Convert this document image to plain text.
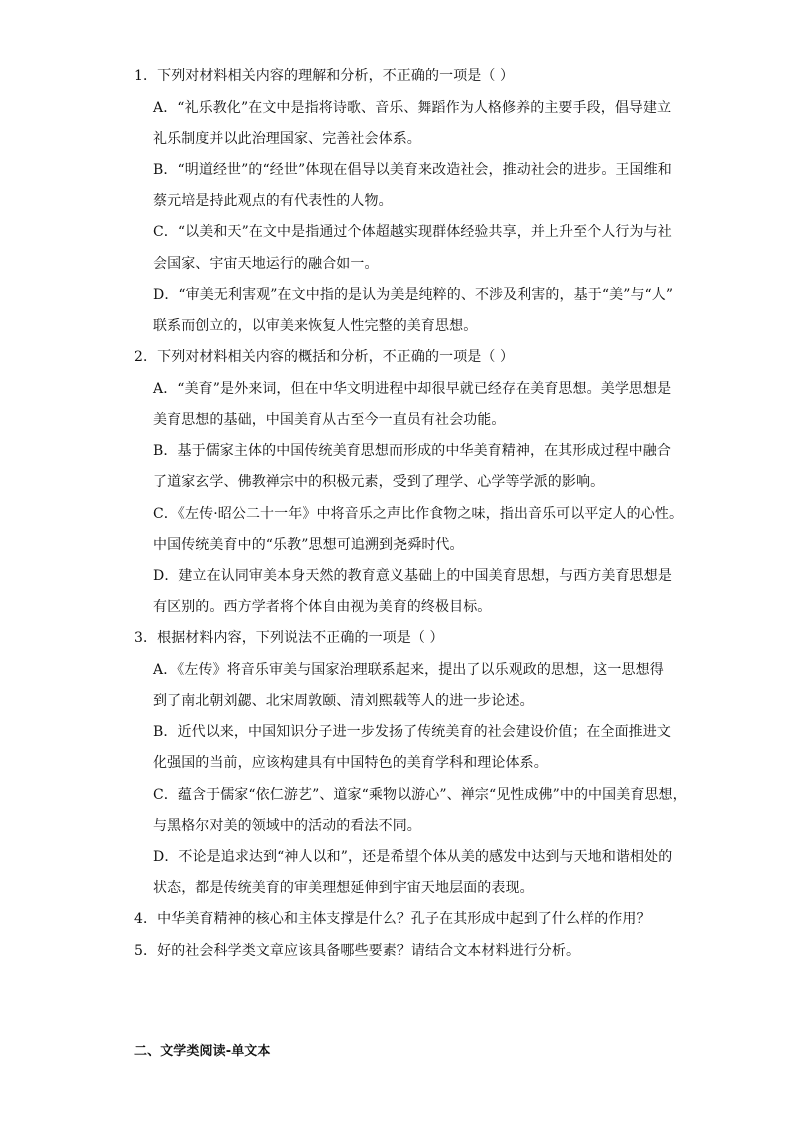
1．下列对材料相关内容的理解和分析，不正确的一项是（ ）
A．“礼乐教化”在文中是指将诗歌、音乐、舞蹈作为人格修养的主要手段，倡导建立
礼乐制度并以此治理国家、完善社会体系。
B．“明道经世”的“经世”体现在倡导以美育来改造社会，推动社会的进步。王国维和
蔡元培是持此观点的有代表性的人物。
C．“以美和天”在文中是指通过个体超越实现群体经验共享，并上升至个人行为与社
会国家、宇宙天地运行的融合如一。
D．“审美无利害观”在文中指的是认为美是纯粹的、不涉及利害的，基于“美”与“人”
联系而创立的，以审美来恢复人性完整的美育思想。
2．下列对材料相关内容的概括和分析，不正确的一项是（ ）
A．“美育”是外来词，但在中华文明进程中却很早就已经存在美育思想。美学思想是
美育思想的基础，中国美育从古至今一直员有社会功能。
B．基于儒家主体的中国传统美育思想而形成的中华美育精神，在其形成过程中融合
了道家玄学、佛教禅宗中的积极元素，受到了理学、心学等学派的影响。
C．《左传·昭公二十一年》中将音乐之声比作食物之味，指出音乐可以平定人的心性。
中国传统美育中的“乐教”思想可追溯到尧舜时代。
D．建立在认同审美本身天然的教育意义基础上的中国美育思想，与西方美育思想是
有区别的。西方学者将个体自由视为美育的终极目标。
3．根据材料内容，下列说法不正确的一项是（ ）
A．《左传》将音乐审美与国家治理联系起来，提出了以乐观政的思想，这一思想得
到了南北朝刘勰、北宋周敦颐、清刘熙载等人的进一步论述。
B．近代以来，中国知识分子进一步发扬了传统美育的社会建设价值；在全面推进文
化强国的当前，应该构建具有中国特色的美育学科和理论体系。
C．蕴含于儒家“依仁游艺”、道家“乘物以游心”、禅宗“见性成佛”中的中国美育思想，
与黑格尔对美的领域中的活动的看法不同。
D．不论是追求达到“神人以和”，还是希望个体从美的感发中达到与天地和谐相处的
状态，都是传统美育的审美理想延伸到宇宙天地层面的表现。
4．中华美育精神的核心和主体支撑是什么？孔子在其形成中起到了什么样的作用？
5．好的社会科学类文章应该具备哪些要素？请结合文本材料进行分析。
二、文学类阅读-单文本
